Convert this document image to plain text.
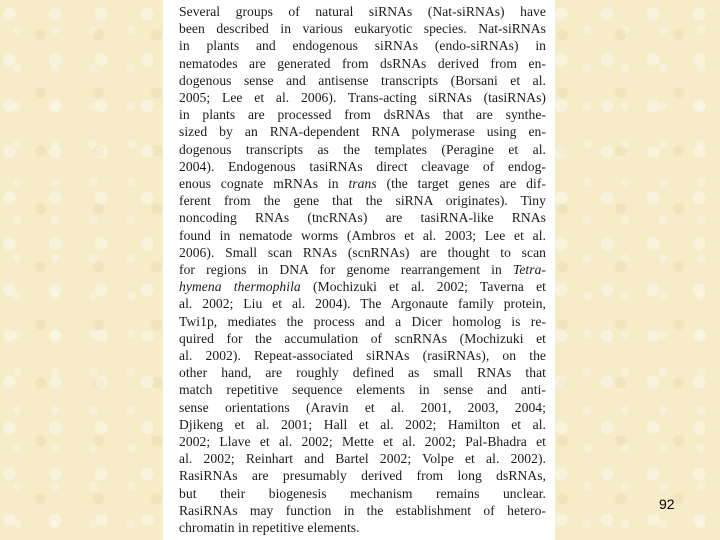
Several groups of natural siRNAs (Nat-siRNAs) have
been described in various eukaryotic species. Nat-siRNAs
in plants and endogenous siRNAs (endo-siRNAs) in
nematodes are generated from dsRNAs derived from en-
dogenous sense and antisense transcripts (Borsani et al.
2005; Lee et al. 2006). Trans-acting siRNAs (tasiRNAs)
in plants are processed from dsRNAs that are synthe-
sized by an RNA-dependent RNA polymerase using en-
dogenous transcripts as the templates (Peragine et al.
2004). Endogenous tasiRNAs direct cleavage of endog-
enous cognate mRNAs in trans (the target genes are dif-
ferent from the gene that the siRNA originates). Tiny
noncoding RNAs (tncRNAs) are tasiRNA-like RNAs
found in nematode worms (Ambros et al. 2003; Lee et al.
2006). Small scan RNAs (scnRNAs) are thought to scan
for regions in DNA for genome rearrangement in Tetra-
hymena thermophila (Mochizuki et al. 2002; Taverna et
al. 2002; Liu et al. 2004). The Argonaute family protein,
Twi1p, mediates the process and a Dicer homolog is re-
quired for the accumulation of scnRNAs (Mochizuki et
al. 2002). Repeat-associated siRNAs (rasiRNAs), on the
other hand, are roughly defined as small RNAs that
match repetitive sequence elements in sense and anti-
sense orientations (Aravin et al. 2001, 2003, 2004;
Djikeng et al. 2001; Hall et al. 2002; Hamilton et al.
2002; Llave et al. 2002; Mette et al. 2002; Pal-Bhadra et
al. 2002; Reinhart and Bartel 2002; Volpe et al. 2002).
RasiRNAs are presumably derived from long dsRNAs,
but their biogenesis mechanism remains unclear.
RasiRNAs may function in the establishment of hetero-
chromatin in repetitive elements.
92
